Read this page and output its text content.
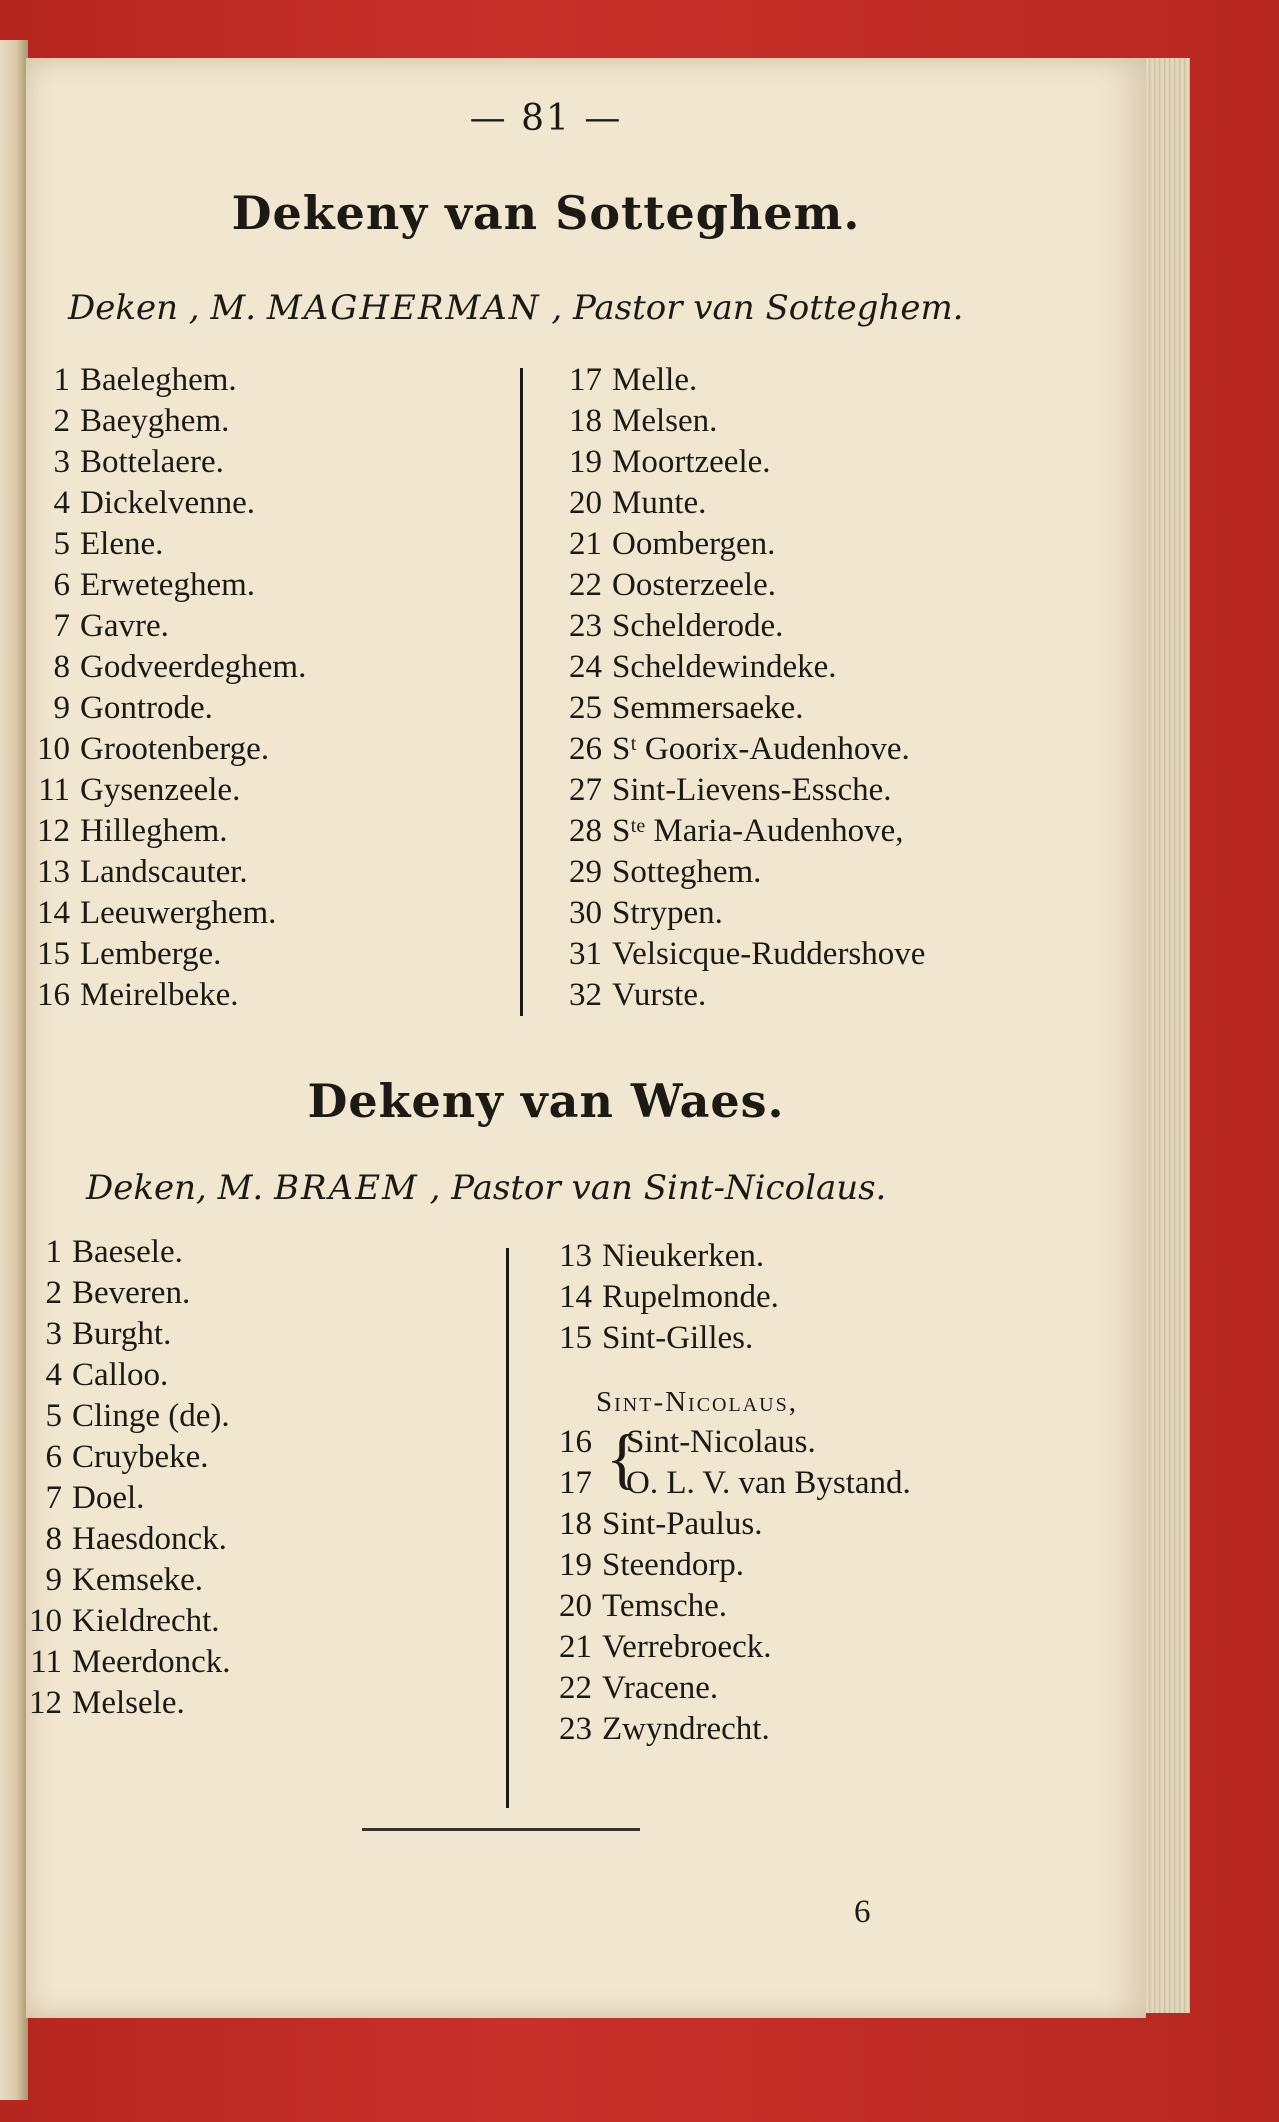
— 81 —
Dekeny van Sotteghem.
Deken , M. MAGHERMAN , Pastor van Sotteghem.
1 Baeleghem.
2 Baeyghem.
3 Bottelaere.
4 Dickelvenne.
5 Elene.
6 Erweteghem.
7 Gavre.
8 Godveerdeghem.
9 Gontrode.
10 Grootenberge.
11 Gysenzeele.
12 Hilleghem.
13 Landscauter.
14 Leeuwerghem.
15 Lemberge.
16 Meirelbeke.
17 Melle.
18 Melsen.
19 Moortzeele.
20 Munte.
21 Oombergen.
22 Oosterzeele.
23 Schelderode.
24 Scheldewindeke.
25 Semmersaeke.
26 Sᵗ Goorix-Audenhove.
27 Sint-Lievens-Essche.
28 Sᵗᵉ Maria-Audenhove,
29 Sotteghem.
30 Strypen.
31 Velsicque-Ruddershove
32 Vurste.
Dekeny van Waes.
Deken, M. BRAEM , Pastor van Sint-Nicolaus.
1 Baesele.
2 Beveren.
3 Burght.
4 Calloo.
5 Clinge (de).
6 Cruybeke.
7 Doel.
8 Haesdonck.
9 Kemseke.
10 Kieldrecht.
11 Meerdonck.
12 Melsele.
13 Nieukerken.
14 Rupelmonde.
15 Sint-Gilles.
Sint-Nicolaus,
{
16 Sint-Nicolaus.
17 O. L. V. van Bystand.
18 Sint-Paulus.
19 Steendorp.
20 Temsche.
21 Verrebroeck.
22 Vracene.
23 Zwyndrecht.
6
